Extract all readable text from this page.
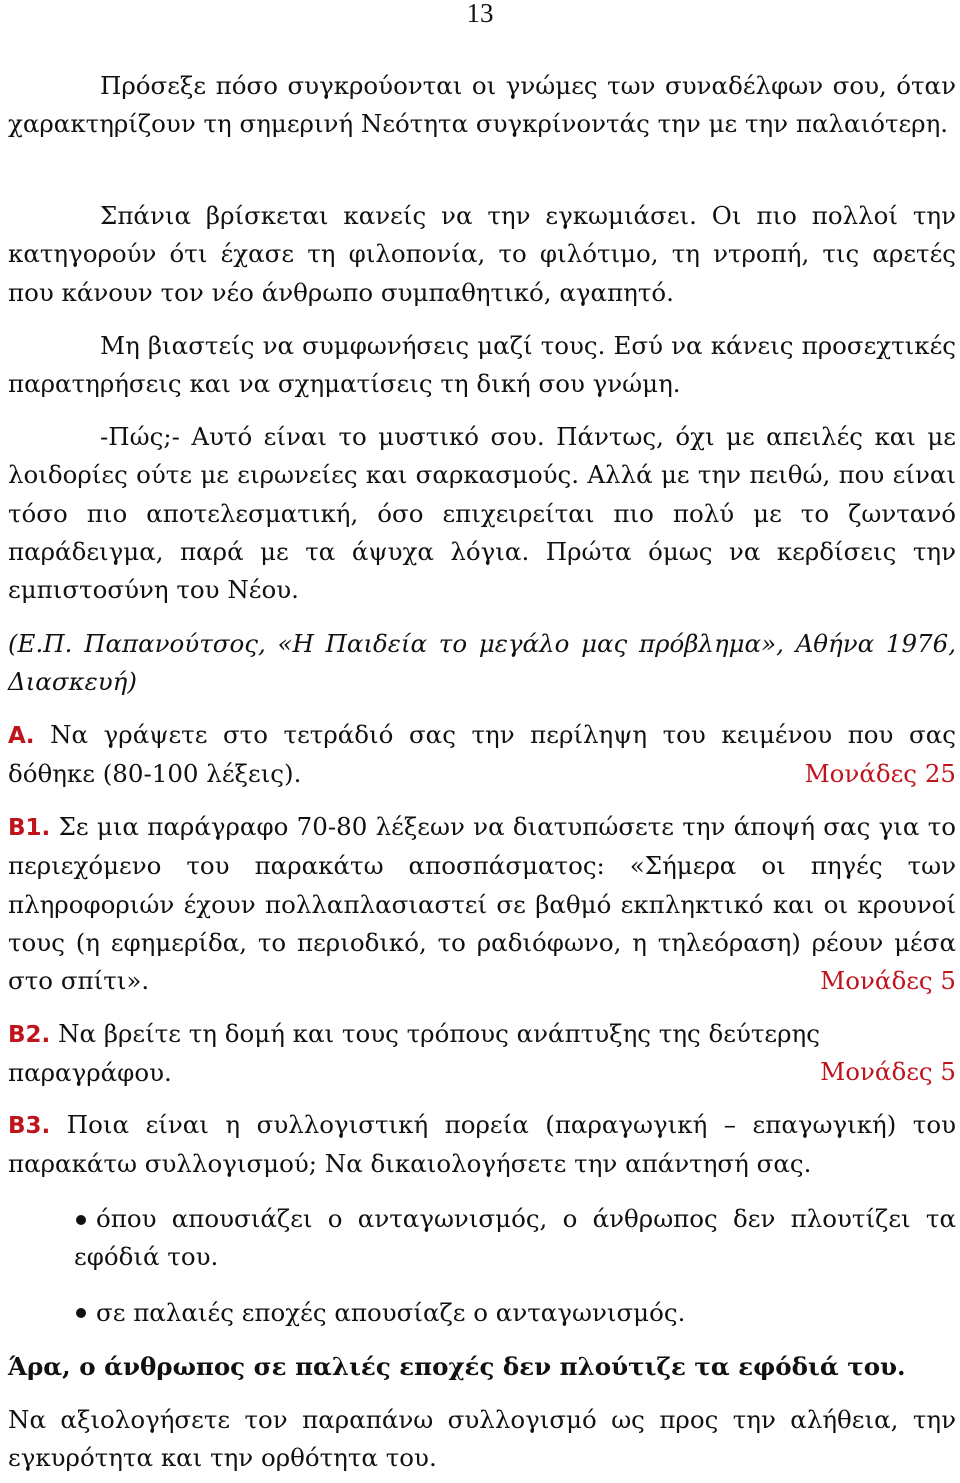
13

Πρόσεξε πόσο συγκρούονται οι γνώμες των συναδέλφων σου, όταν χαρακτηρίζουν τη σημερινή Νεότητα συγκρίνοντάς την με την παλαιότερη.

Σπάνια βρίσκεται κανείς να την εγκωμιάσει. Οι πιο πολλοί την κατηγορούν ότι έχασε τη φιλοπονία, το φιλότιμο, τη ντροπή, τις αρετές που κάνουν τον νέο άνθρωπο συμπαθητικό, αγαπητό.

Μη βιαστείς να συμφωνήσεις μαζί τους. Εσύ να κάνεις προσεχτικές παρατηρήσεις και να σχηματίσεις τη δική σου γνώμη.

-Πώς;- Αυτό είναι το μυστικό σου. Πάντως, όχι με απειλές και με λοιδορίες ούτε με ειρωνείες και σαρκασμούς. Αλλά με την πειθώ, που είναι τόσο πιο αποτελεσματική, όσο επιχειρείται πιο πολύ με το ζωντανό παράδειγμα, παρά με τα άψυχα λόγια. Πρώτα όμως να κερδίσεις την εμπιστοσύνη του Νέου.

(Ε.Π. Παπανούτσος, «Η Παιδεία το μεγάλο μας πρόβλημα», Αθήνα 1976, Διασκευή)

Α. Να γράψετε στο τετράδιό σας την περίληψη του κειμένου που σας δόθηκε (80-100 λέξεις).	Μονάδες 25

Β1. Σε μια παράγραφο 70-80 λέξεων να διατυπώσετε την άποψή σας για το περιεχόμενο του παρακάτω αποσπάσματος: «Σήμερα οι πηγές των πληροφοριών έχουν πολλαπλασιαστεί σε βαθμό εκπληκτικό και οι κρουνοί τους (η εφημερίδα, το περιοδικό, το ραδιόφωνο, η τηλεόραση) ρέουν μέσα στο σπίτι».	Μονάδες 5

Β2. Να βρείτε τη δομή και τους τρόπους ανάπτυξης της δεύτερης παραγράφου.	Μονάδες 5

Β3. Ποια είναι η συλλογιστική πορεία (παραγωγική – επαγωγική) του παρακάτω συλλογισμού; Να δικαιολογήσετε την απάντησή σας.

όπου απουσιάζει ο ανταγωνισμός, ο άνθρωπος δεν πλουτίζει τα εφόδιά του.

σε παλαιές εποχές απουσίαζε ο ανταγωνισμός.

Άρα, ο άνθρωπος σε παλιές εποχές δεν πλούτιζε τα εφόδιά του.

Να αξιολογήσετε τον παραπάνω συλλογισμό ως προς την αλήθεια, την εγκυρότητα και την ορθότητα του.
